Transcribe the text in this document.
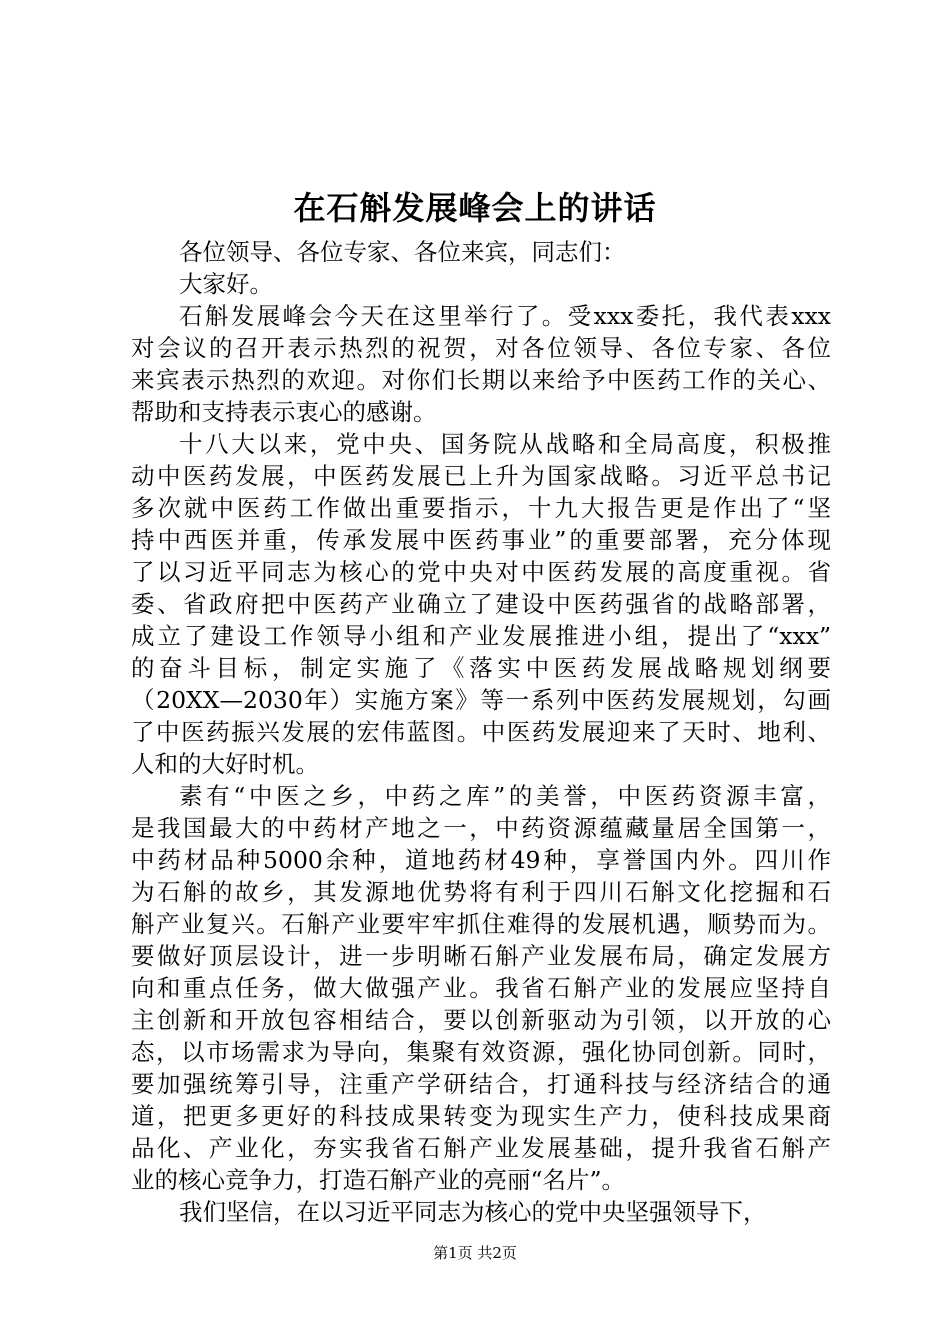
在石斛发展峰会上的讲话
各位领导、各位专家、各位来宾，同志们：
大家好。
石斛发展峰会今天在这里举行了。受xxx委托，我代表xxx
对会议的召开表示热烈的祝贺，对各位领导、各位专家、各位
来宾表示热烈的欢迎。对你们长期以来给予中医药工作的关心、
帮助和支持表示衷心的感谢。
十八大以来，党中央、国务院从战略和全局高度，积极推
动中医药发展，中医药发展已上升为国家战略。习近平总书记
多次就中医药工作做出重要指示，十九大报告更是作出了“坚
持中西医并重，传承发展中医药事业”的重要部署，充分体现
了以习近平同志为核心的党中央对中医药发展的高度重视。省
委、省政府把中医药产业确立了建设中医药强省的战略部署，
成立了建设工作领导小组和产业发展推进小组，提出了“xxx”
的奋斗目标，制定实施了《落实中医药发展战略规划纲要
（20XX—2030年）实施方案》等一系列中医药发展规划，勾画
了中医药振兴发展的宏伟蓝图。中医药发展迎来了天时、地利、
人和的大好时机。
素有“中医之乡，中药之库”的美誉，中医药资源丰富，
是我国最大的中药材产地之一，中药资源蕴藏量居全国第一，
中药材品种5000余种，道地药材49种，享誉国内外。四川作
为石斛的故乡，其发源地优势将有利于四川石斛文化挖掘和石
斛产业复兴。石斛产业要牢牢抓住难得的发展机遇，顺势而为。
要做好顶层设计，进一步明晰石斛产业发展布局，确定发展方
向和重点任务，做大做强产业。我省石斛产业的发展应坚持自
主创新和开放包容相结合，要以创新驱动为引领，以开放的心
态，以市场需求为导向，集聚有效资源，强化协同创新。同时，
要加强统筹引导，注重产学研结合，打通科技与经济结合的通
道，把更多更好的科技成果转变为现实生产力，使科技成果商
品化、产业化，夯实我省石斛产业发展基础，提升我省石斛产
业的核心竞争力，打造石斛产业的亮丽“名片”。
我们坚信，在以习近平同志为核心的党中央坚强领导下，
第1页 共2页
